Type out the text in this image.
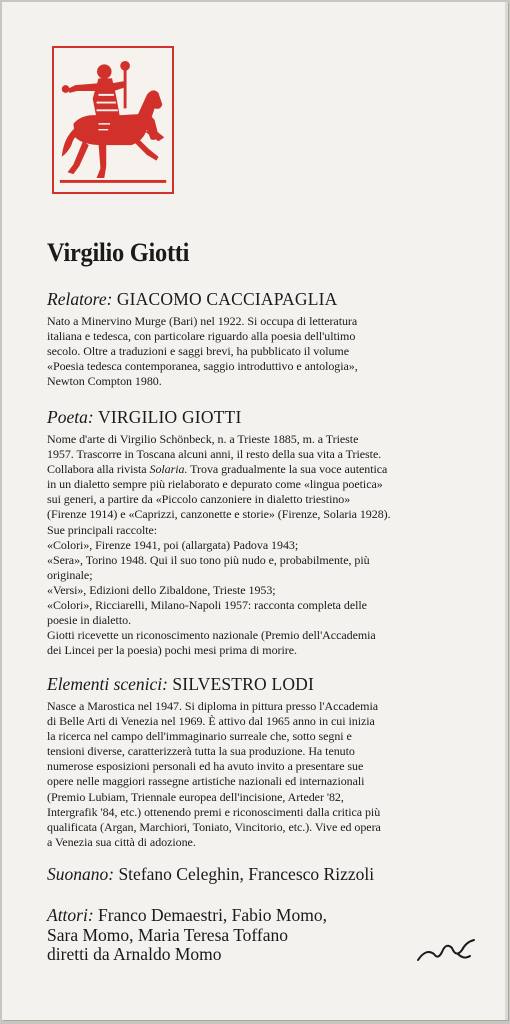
Virgilio Giotti

Relatore: GIACOMO CACCIAPAGLIA

Nato a Minervino Murge (Bari) nel 1922. Si occupa di letteratura
italiana e tedesca, con particolare riguardo alla poesia dell'ultimo
secolo. Oltre a traduzioni e saggi brevi, ha pubblicato il volume
«Poesia tedesca contemporanea, saggio introduttivo e antologia»,
Newton Compton 1980.

Poeta: VIRGILIO GIOTTI

Nome d'arte di Virgilio Schönbeck, n. a Trieste 1885, m. a Trieste
1957. Trascorre in Toscana alcuni anni, il resto della sua vita a Trieste.
Collabora alla rivista Solaria. Trova gradualmente la sua voce autentica
in un dialetto sempre più rielaborato e depurato come «lingua poetica»
sui generi, a partire da «Piccolo canzoniere in dialetto triestino»
(Firenze 1914) e «Caprizzi, canzonette e storie» (Firenze, Solaria 1928).
Sue principali raccolte:
«Colori», Firenze 1941, poi (allargata) Padova 1943;
«Sera», Torino 1948. Qui il suo tono più nudo e, probabilmente, più
originale;
«Versi», Edizioni dello Zibaldone, Trieste 1953;
«Colori», Ricciarelli, Milano-Napoli 1957: racconta completa delle
poesie in dialetto.
Giotti ricevette un riconoscimento nazionale (Premio dell'Accademia
dei Lincei per la poesia) pochi mesi prima di morire.

Elementi scenici: SILVESTRO LODI

Nasce a Marostica nel 1947. Si diploma in pittura presso l'Accademia
di Belle Arti di Venezia nel 1969. È attivo dal 1965 anno in cui inizia
la ricerca nel campo dell'immaginario surreale che, sotto segni e
tensioni diverse, caratterizzerà tutta la sua produzione. Ha tenuto
numerose esposizioni personali ed ha avuto invito a presentare sue
opere nelle maggiori rassegne artistiche nazionali ed internazionali
(Premio Lubiam, Triennale europea dell'incisione, Arteder '82,
Intergrafik '84, etc.) ottenendo premi e riconoscimenti dalla critica più
qualificata (Argan, Marchiori, Toniato, Vincitorio, etc.). Vive ed opera
a Venezia sua città di adozione.

Suonano: Stefano Celeghin, Francesco Rizzoli

Attori: Franco Demaestri, Fabio Momo,

Sara Momo, Maria Teresa Toffano

diretti da Arnaldo Momo
